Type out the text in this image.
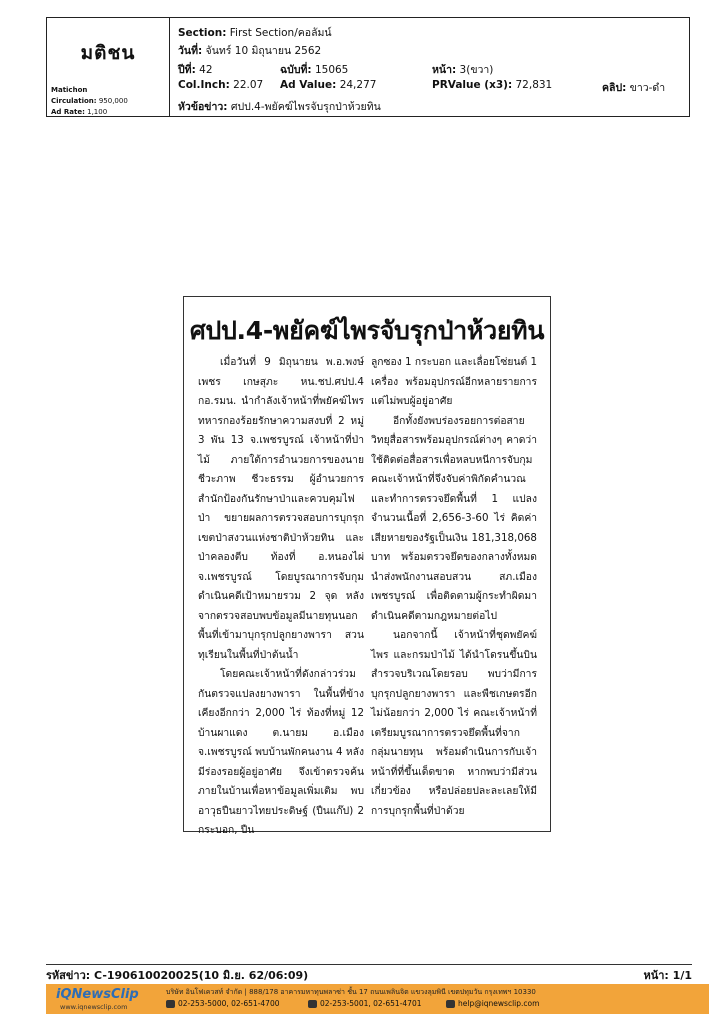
มติชน
Matichon
Circulation: 950,000
Ad Rate: 1,100
Section: First Section/คอลัมน์
วันที่: จันทร์ 10 มิถุนายน 2562
ปีที่: 42	ฉบับที่: 15065	หน้า: 3(ขวา)
Col.Inch: 22.07 Ad Value: 24,277	PRValue (x3): 72,831	คลิป: ขาว-ดำ
หัวข้อข่าว: ศปป.4-พยัคฆ์ไพรจับรุกป่าห้วยทิน
ศปป.4-พยัคฆ์ไพรจับรุกป่าห้วยทิน

เมื่อวันที่ 9 มิถุนายน พ.อ.พงษ์เพชร เกษสุภะ หน.ชป.ศปป.4 กอ.รมน. นำกำลังเจ้าหน้าที่พยัคฆ์ไพร ทหารกองร้อยรักษาความสงบที่ 2 หมู่ 3 พัน 13 จ.เพชรบูรณ์ เจ้าหน้าที่ป่าไม้ ภายใต้การอำนวยการของนายชีวะภาพ ชีวะธรรม ผู้อำนวยการสำนักป้องกันรักษาป่าและควบคุมไฟป่า ขยายผลการตรวจสอบการบุกรุกเขตป่าสงวนแห่งชาติป่าห้วยทิน และป่าคลองตีบ ท้องที่ อ.หนองไผ่ จ.เพชรบูรณ์ โดยบูรณาการจับกุมดำเนินคดีเป้าหมายรวม 2 จุด หลังจากตรวจสอบพบข้อมูลมีนายทุนนอกพื้นที่เข้ามาบุกรุกปลูกยางพารา สวนทุเรียนในพื้นที่ป่าต้นน้ำ

โดยคณะเจ้าหน้าที่ดังกล่าวร่วมกันตรวจแปลงยางพารา ในพื้นที่ข้างเคียงอีกกว่า 2,000 ไร่ ท้องที่หมู่ 12 บ้านผาแดง ต.นายม อ.เมือง จ.เพชรบูรณ์ พบบ้านพักคนงาน 4 หลัง มีร่องรอยผู้อยู่อาศัย จึงเข้าตรวจค้นภายในบ้านเพื่อหาข้อมูลเพิ่มเติม พบอาวุธปืนยาวไทยประดิษฐ์ (ปืนแก๊ป) 2 กระบอก, ปืน

ลูกซอง 1 กระบอก และเลื่อยโซ่ยนต์ 1 เครื่อง พร้อมอุปกรณ์อีกหลายรายการ แต่ไม่พบผู้อยู่อาศัย

อีกทั้งยังพบร่องรอยการต่อสายวิทยุสื่อสารพร้อมอุปกรณ์ต่างๆ คาดว่าใช้ติดต่อสื่อสารเพื่อหลบหนีการจับกุม คณะเจ้าหน้าที่จึงจับค่าพิกัดคำนวณและทำการตรวจยึดพื้นที่ 1 แปลง จำนวนเนื้อที่ 2,656-3-60 ไร่ คิดค่าเสียหายของรัฐเป็นเงิน 181,318,068 บาท พร้อมตรวจยึดของกลางทั้งหมด นำส่งพนักงานสอบสวน สภ.เมืองเพชรบูรณ์ เพื่อติดตามผู้กระทำผิดมาดำเนินคดีตามกฎหมายต่อไป

นอกจากนี้ เจ้าหน้าที่ชุดพยัคฆ์ไพร และกรมป่าไม้ ได้นำโดรนขึ้นบินสำรวจบริเวณโดยรอบ พบว่ามีการบุกรุกปลูกยางพารา และพืชเกษตรอีกไม่น้อยกว่า 2,000 ไร่ คณะเจ้าหน้าที่เตรียมบูรณาการตรวจยึดพื้นที่จากกลุ่มนายทุน พร้อมดำเนินการกับเจ้าหน้าที่ที่ขึ้นเด็ดขาด หากพบว่ามีส่วนเกี่ยวข้อง หรือปล่อยปละละเลยให้มีการบุกรุกพื้นที่ป่าด้วย

รหัสข่าว: C-190610020025(10 มิ.ย. 62/06:09)	หน้า: 1/1
iQNewsClip
www.iqnewsclip.com
บริษัท อินโฟเควสท์ จำกัด | 888/178 อาคารมหาทุนพลาซ่า ชั้น 17 ถนนเพลินจิต แขวงลุมพินี เขตปทุมวัน กรุงเทพฯ 10330
02-253-5000, 02-651-4700	02-253-5001, 02-651-4701	help@iqnewsclip.com
